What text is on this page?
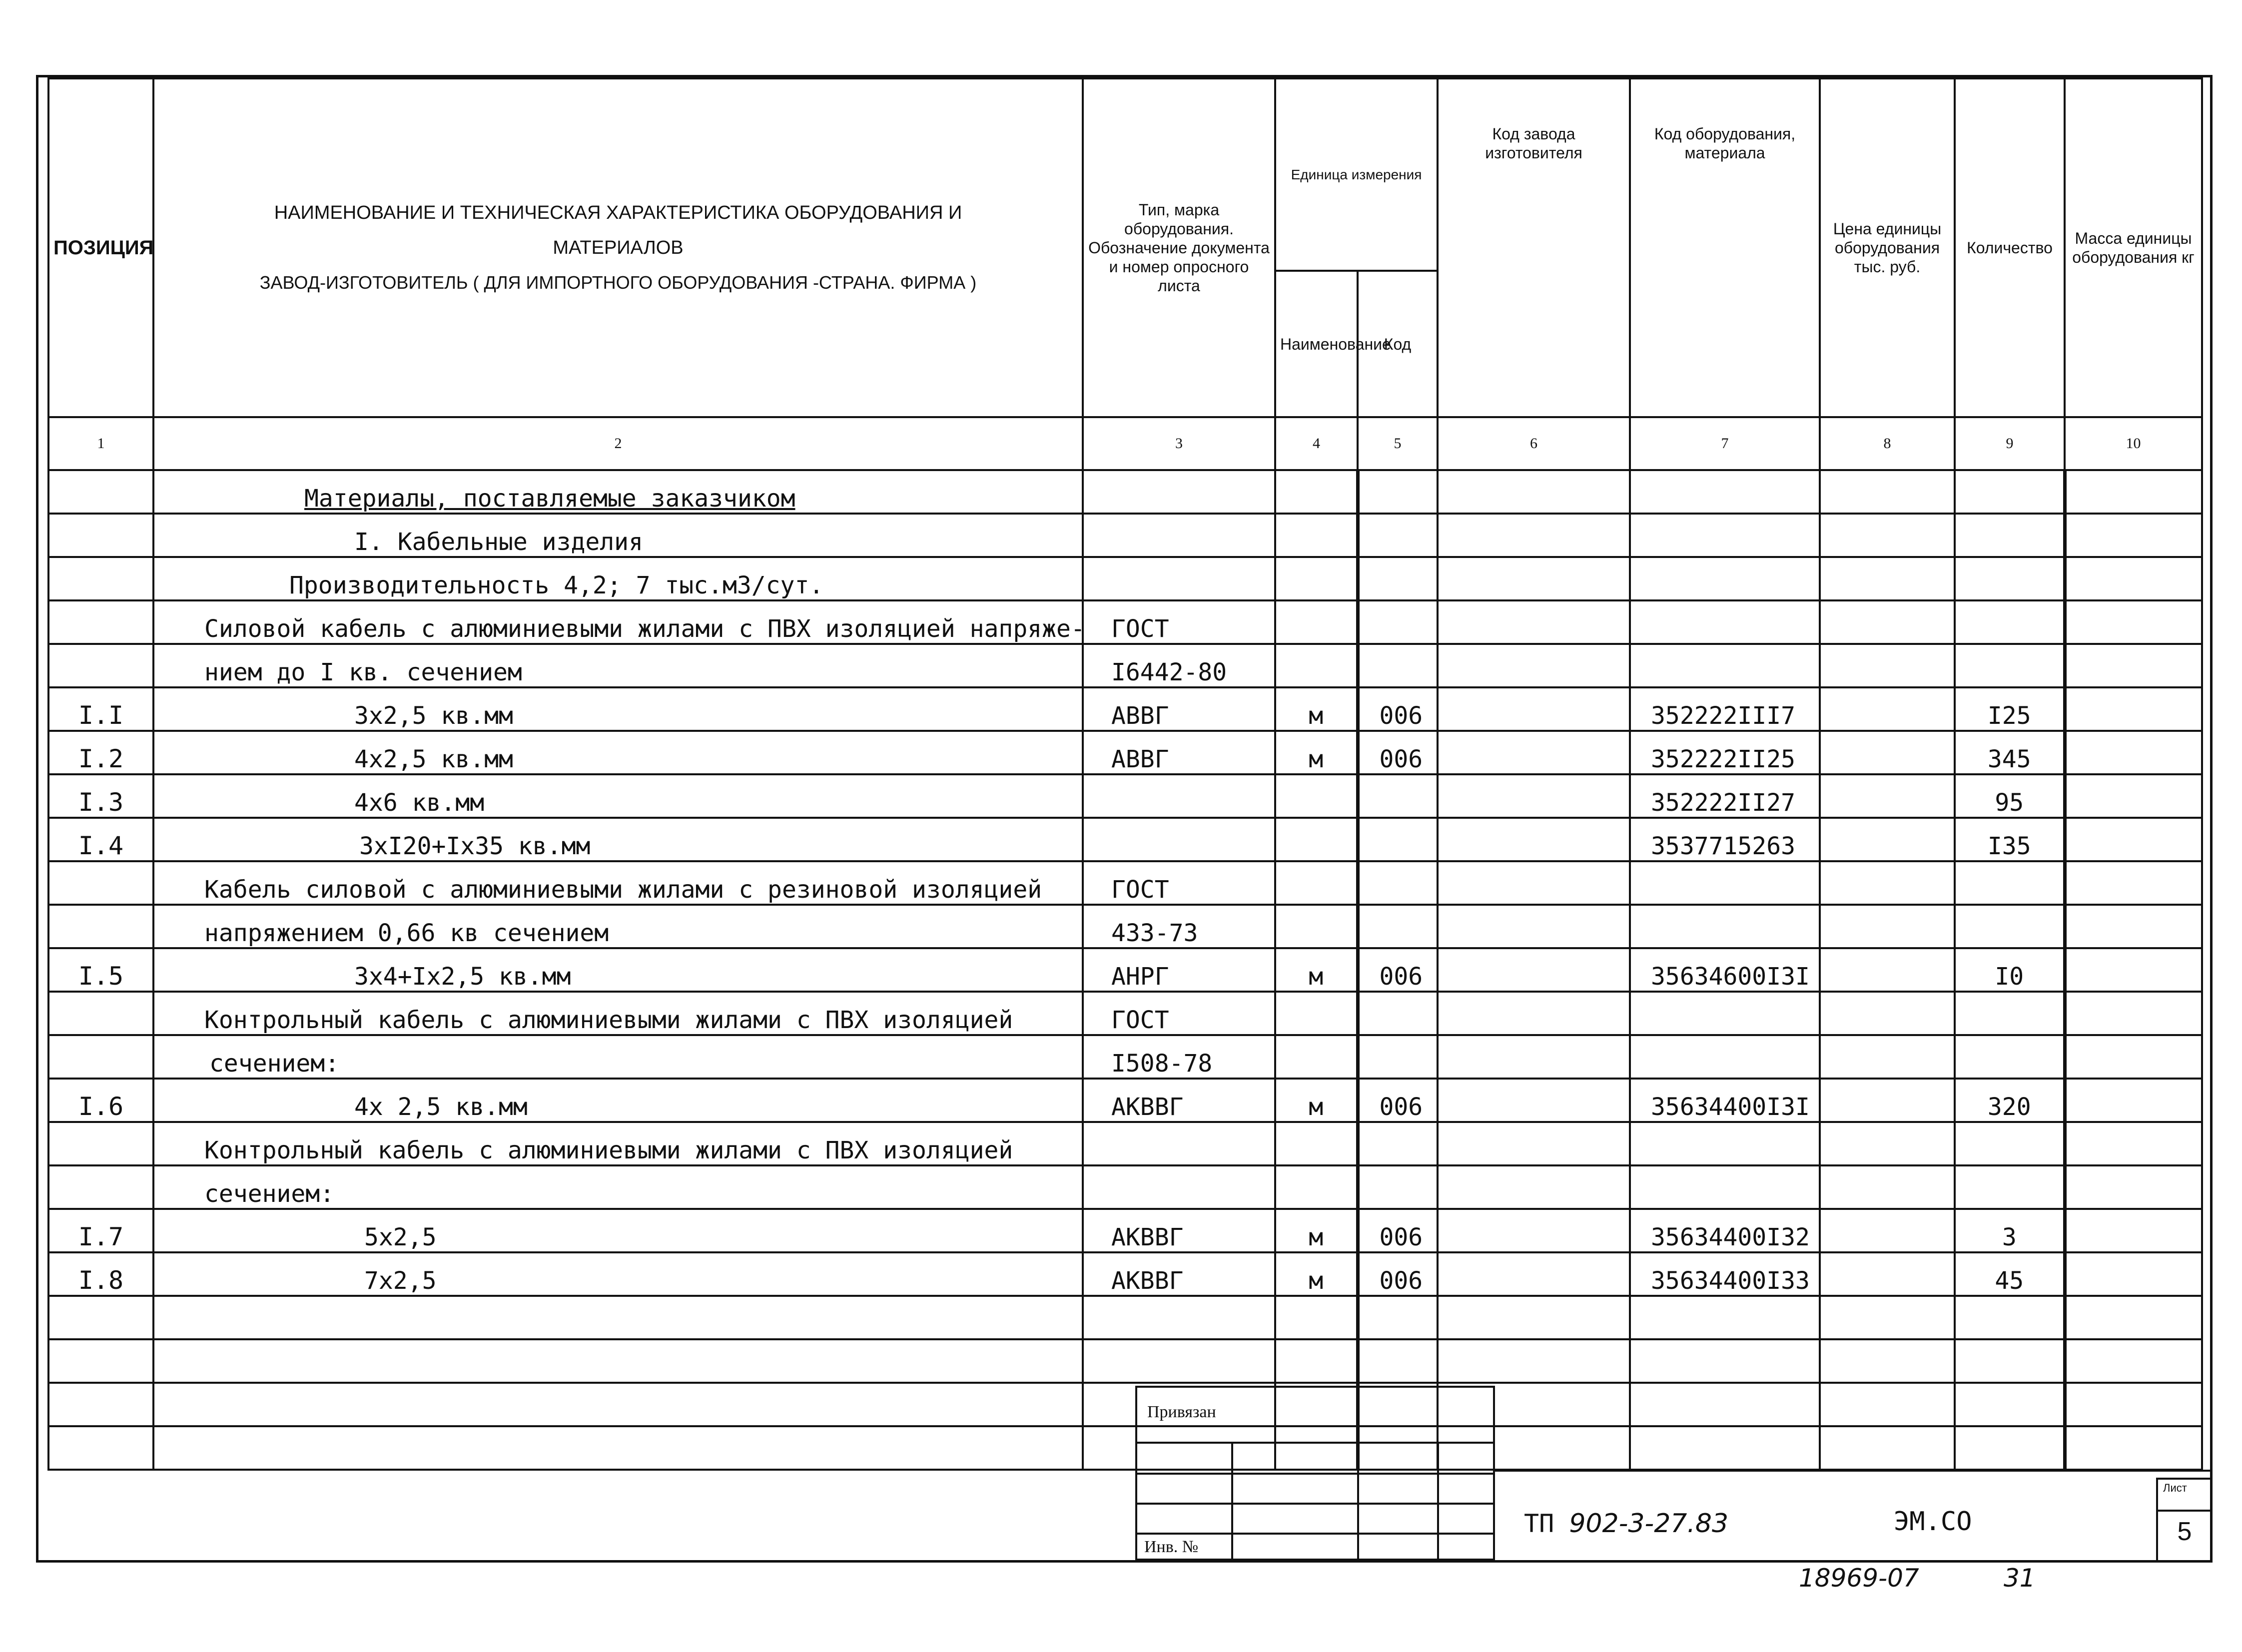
ПОЗИЦИЯ	НАИМЕНОВАНИЕ И ТЕХНИЧЕСКАЯ ХАРАКТЕРИСТИКА ОБОРУДОВАНИЯ И
МАТЕРИАЛОВ
ЗАВОД-ИЗГОТОВИТЕЛЬ ( ДЛЯ ИМПОРТНОГО ОБОРУДОВАНИЯ -СТРАНА. ФИРМА )	Тип, марка оборудования. Обозначение документа и номер опросного листа	Единица измерения		Код завода изготовителя	Код оборудования, материала	Цена единицы оборудования тыс. руб.	Количество	Масса единицы оборудования кг
			Наименование	Код					
1	2	3	4	5	6	7	8	9	10
	Материалы, поставляемые заказчиком								
	I. Кабельные изделия								
	Производительность 4,2; 7 тыс.м3/сут.								
	Силовой кабель с алюминиевыми жилами с ПВХ изоляцией напряже-	ГОСТ							
	нием до I кв. сечением	I6442-80							
I.I	3х2,5 кв.мм	АВВГ	м	006		352222III7		I25	
I.2	4х2,5 кв.мм	АВВГ	м	006		352222II25		345	
I.3	4х6 кв.мм					352222II27		95	
I.4	3хI20+Iх35 кв.мм					353771526З		I35	
	Кабель силовой с алюминиевыми жилами с резиновой изоляцией	ГОСТ							
	напряжением 0,66 кв сечением	433-73							
I.5	3х4+Iх2,5 кв.мм	АНРГ	м	006		35634600I3I		I0	
	Контрольный кабель с алюминиевыми жилами с ПВХ изоляцией	ГОСТ							
	сечением:	I508-78							
I.6	4х 2,5 кв.мм	АКВВГ	м	006		35634400I3I		320	
	Контрольный кабель с алюминиевыми жилами с ПВХ изоляцией								
	сечением:								
I.7	5х2,5	АКВВГ	м	006		35634400I32		3	
I.8	7х2,5	АКВВГ	м	006		35634400I33		45	

Привязан
Инв. №
ТП 902-3-27.83	ЭМ.СО
Лист
5
18969-07	31
